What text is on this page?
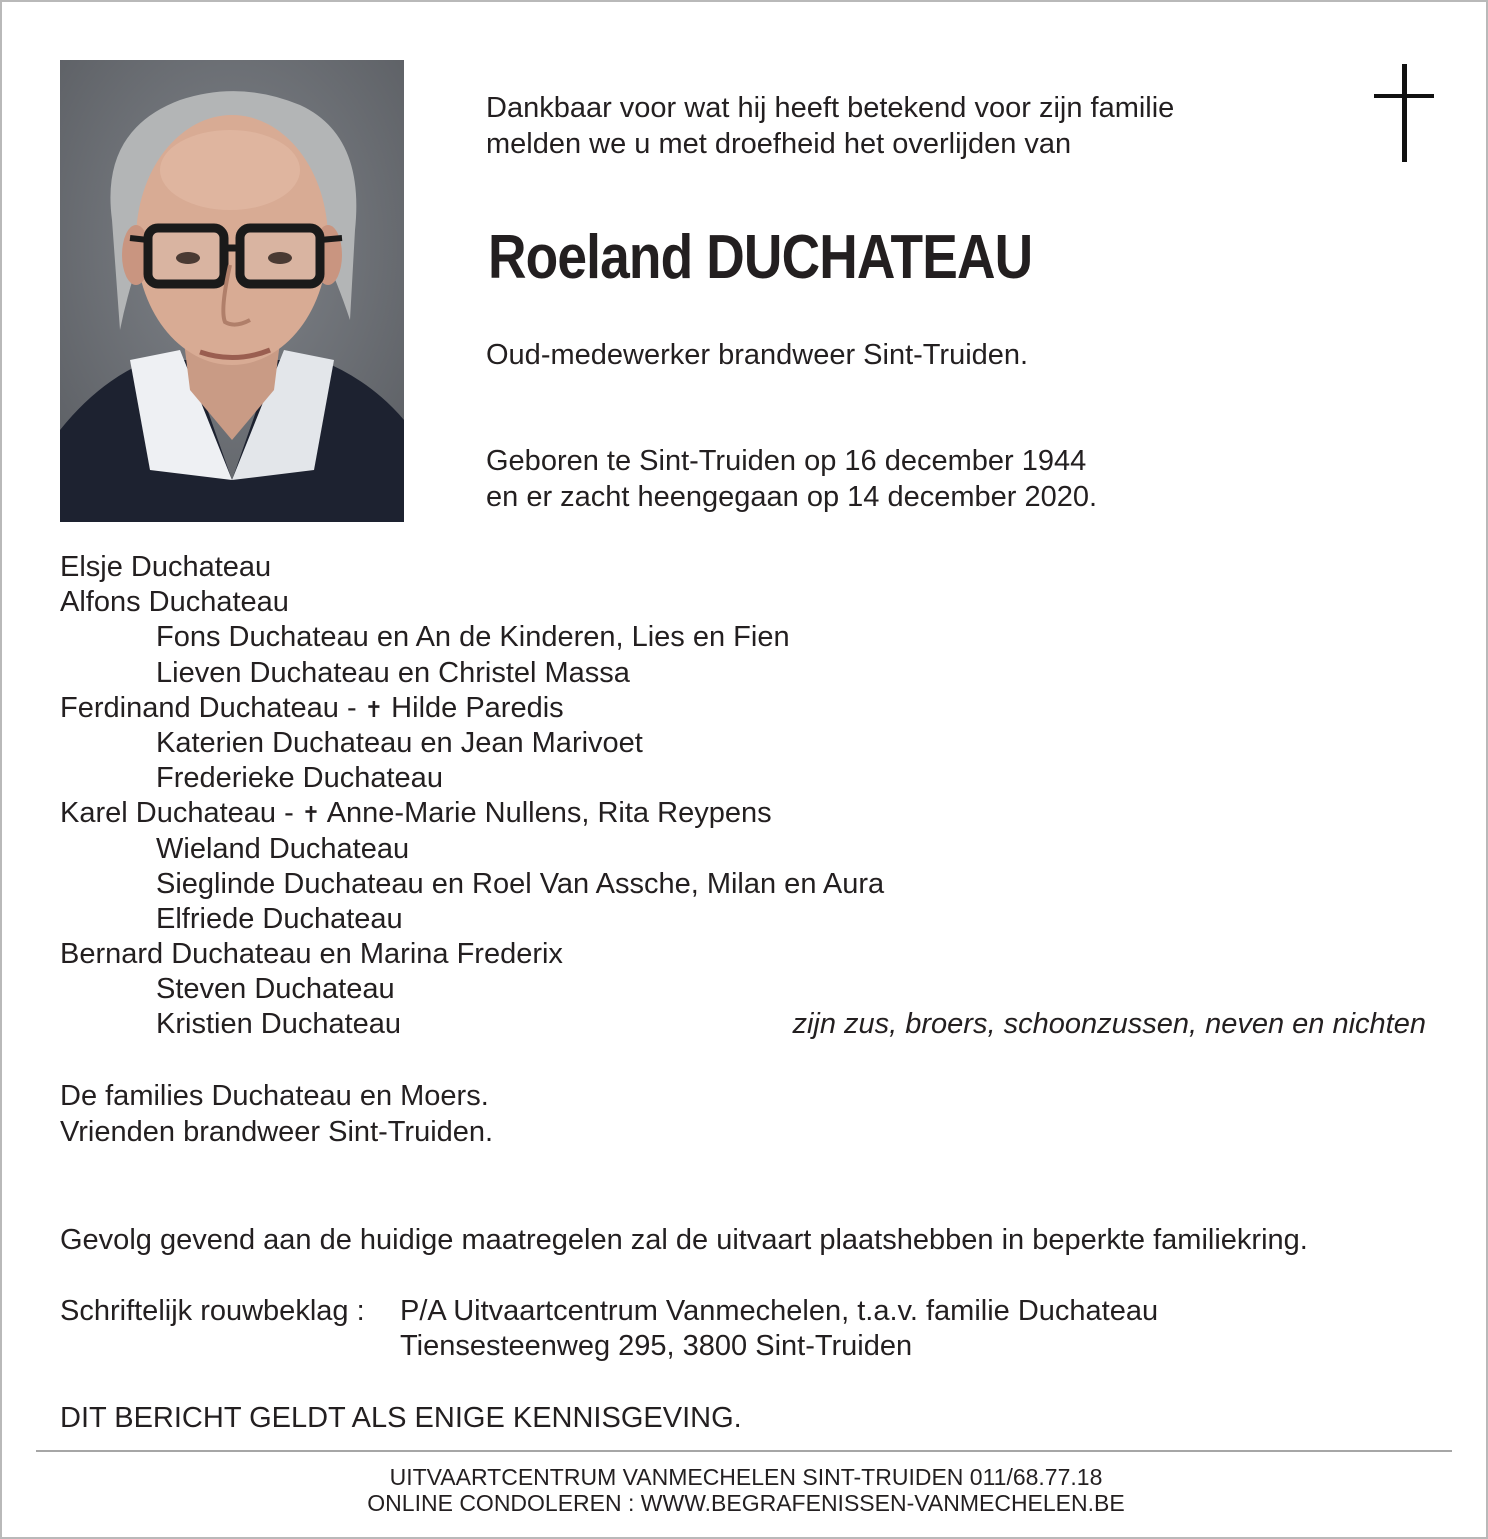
Dankbaar voor wat hij heeft betekend voor zijn familie
melden we u met droefheid het overlijden van
Roeland DUCHATEAU
Oud-medewerker brandweer Sint-Truiden.
Geboren te Sint-Truiden op 16 december 1944
en er zacht heengegaan op 14 december 2020.
Elsje Duchateau
Alfons Duchateau
Fons Duchateau en An de Kinderen, Lies en Fien
Lieven Duchateau en Christel Massa
Ferdinand Duchateau - ✝ Hilde Paredis
Katerien Duchateau en Jean Marivoet
Frederieke Duchateau
Karel Duchateau - ✝ Anne-Marie Nullens, Rita Reypens
Wieland Duchateau
Sieglinde Duchateau en Roel Van Assche, Milan en Aura
Elfriede Duchateau
Bernard Duchateau en Marina Frederix
Steven Duchateau
Kristien Duchateau	zijn zus, broers, schoonzussen, neven en nichten
De families Duchateau en Moers.
Vrienden brandweer Sint-Truiden.
Gevolg gevend aan de huidige maatregelen zal de uitvaart plaatshebben in beperkte familiekring.
Schriftelijk rouwbeklag : P/A Uitvaartcentrum Vanmechelen, t.a.v. familie Duchateau
Tiensesteenweg 295, 3800 Sint-Truiden
DIT BERICHT GELDT ALS ENIGE KENNISGEVING.
UITVAARTCENTRUM VANMECHELEN SINT-TRUIDEN 011/68.77.18
ONLINE CONDOLEREN : WWW.BEGRAFENISSEN-VANMECHELEN.BE
